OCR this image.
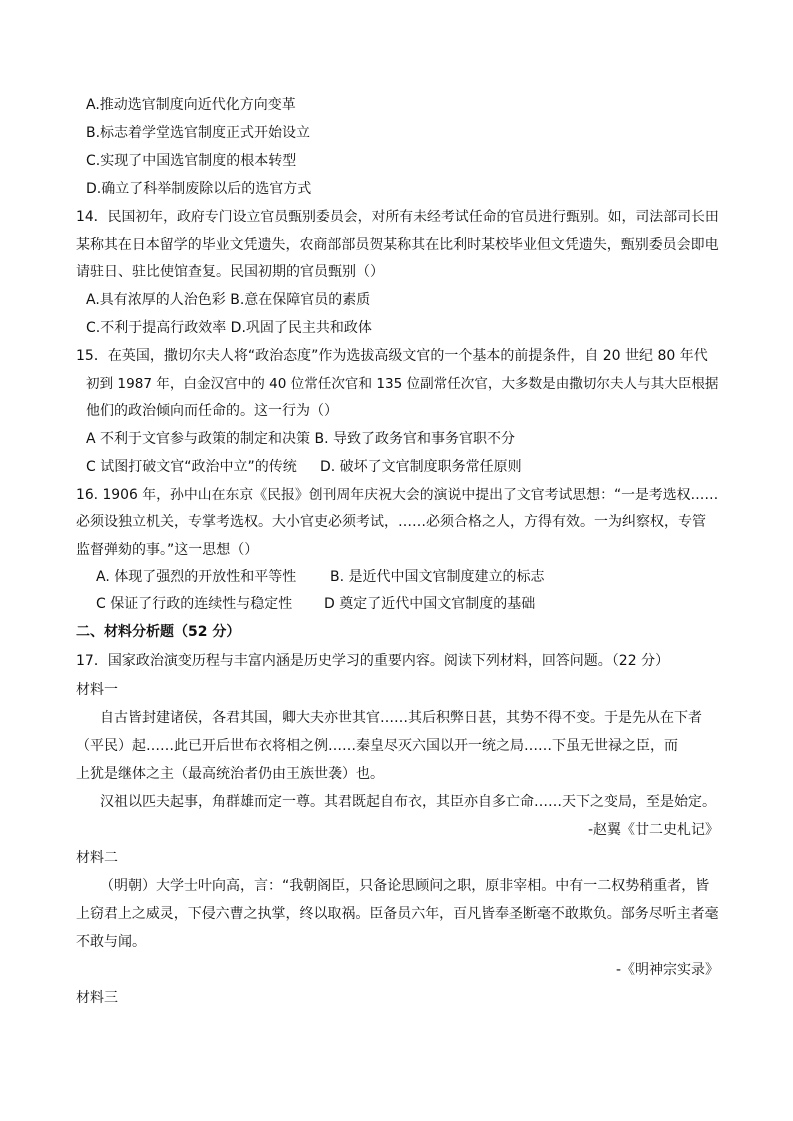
A.推动选官制度向近代化方向变革
B.标志着学堂选官制度正式开始设立
C.实现了中国选官制度的根本转型
D.确立了科举制废除以后的选官方式
14．民国初年，政府专门设立官员甄别委员会，对所有未经考试任命的官员进行甄别。如，司法部司长田
某称其在日本留学的毕业文凭遗失，农商部部员贺某称其在比利时某校毕业但文凭遗失，甄别委员会即电
请驻日、驻比使馆查复。民国初期的官员甄别（）
A.具有浓厚的人治色彩 B.意在保障官员的素质
C.不利于提高行政效率 D.巩固了民主共和政体
15．在英国，撒切尔夫人将“政治态度”作为选拔高级文官的一个基本的前提条件，自 20 世纪 80 年代
初到 1987 年，白金汉宫中的 40 位常任次官和 135 位副常任次官，大多数是由撒切尔夫人与其大臣根据
他们的政治倾向而任命的。这一行为（）
A 不利于文官参与政策的制定和决策 B. 导致了政务官和事务官职不分
C 试图打破文官“政治中立”的传统 D. 破坏了文官制度职务常任原则
16. 1906 年，孙中山在东京《民报》创刊周年庆祝大会的演说中提出了文官考试思想：“一是考选权……
必须设独立机关，专掌考选权。大小官吏必须考试，……必须合格之人，方得有效。一为纠察权，专管
监督弹劾的事。”这一思想（）
A. 体现了强烈的开放性和平等性 B. 是近代中国文官制度建立的标志
C 保证了行政的连续性与稳定性 D 奠定了近代中国文官制度的基础
二、材料分析题（52 分）
17．国家政治演变历程与丰富内涵是历史学习的重要内容。阅读下列材料，回答问题。（22 分）
材料一
自古皆封建诸侯，各君其国，卿大夫亦世其官……其后积弊日甚，其势不得不变。于是先从在下者
（平民）起……此已开后世布衣将相之例……秦皇尽灭六国以开一统之局……下虽无世禄之臣，而
上犹是继体之主（最高统治者仍由王族世袭）也。
汉祖以匹夫起事，角群雄而定一尊。其君既起自布衣，其臣亦自多亡命……天下之变局，至是始定。
-赵翼《廿二史札记》
材料二
（明朝）大学士叶向高，言：“我朝阁臣，只备论思顾问之职，原非宰相。中有一二权势稍重者，皆
上窃君上之威灵，下侵六曹之执掌，终以取祸。臣备员六年，百凡皆奉圣断毫不敢欺负。部务尽听主者毫
不敢与闻。
-《明神宗实录》
材料三
